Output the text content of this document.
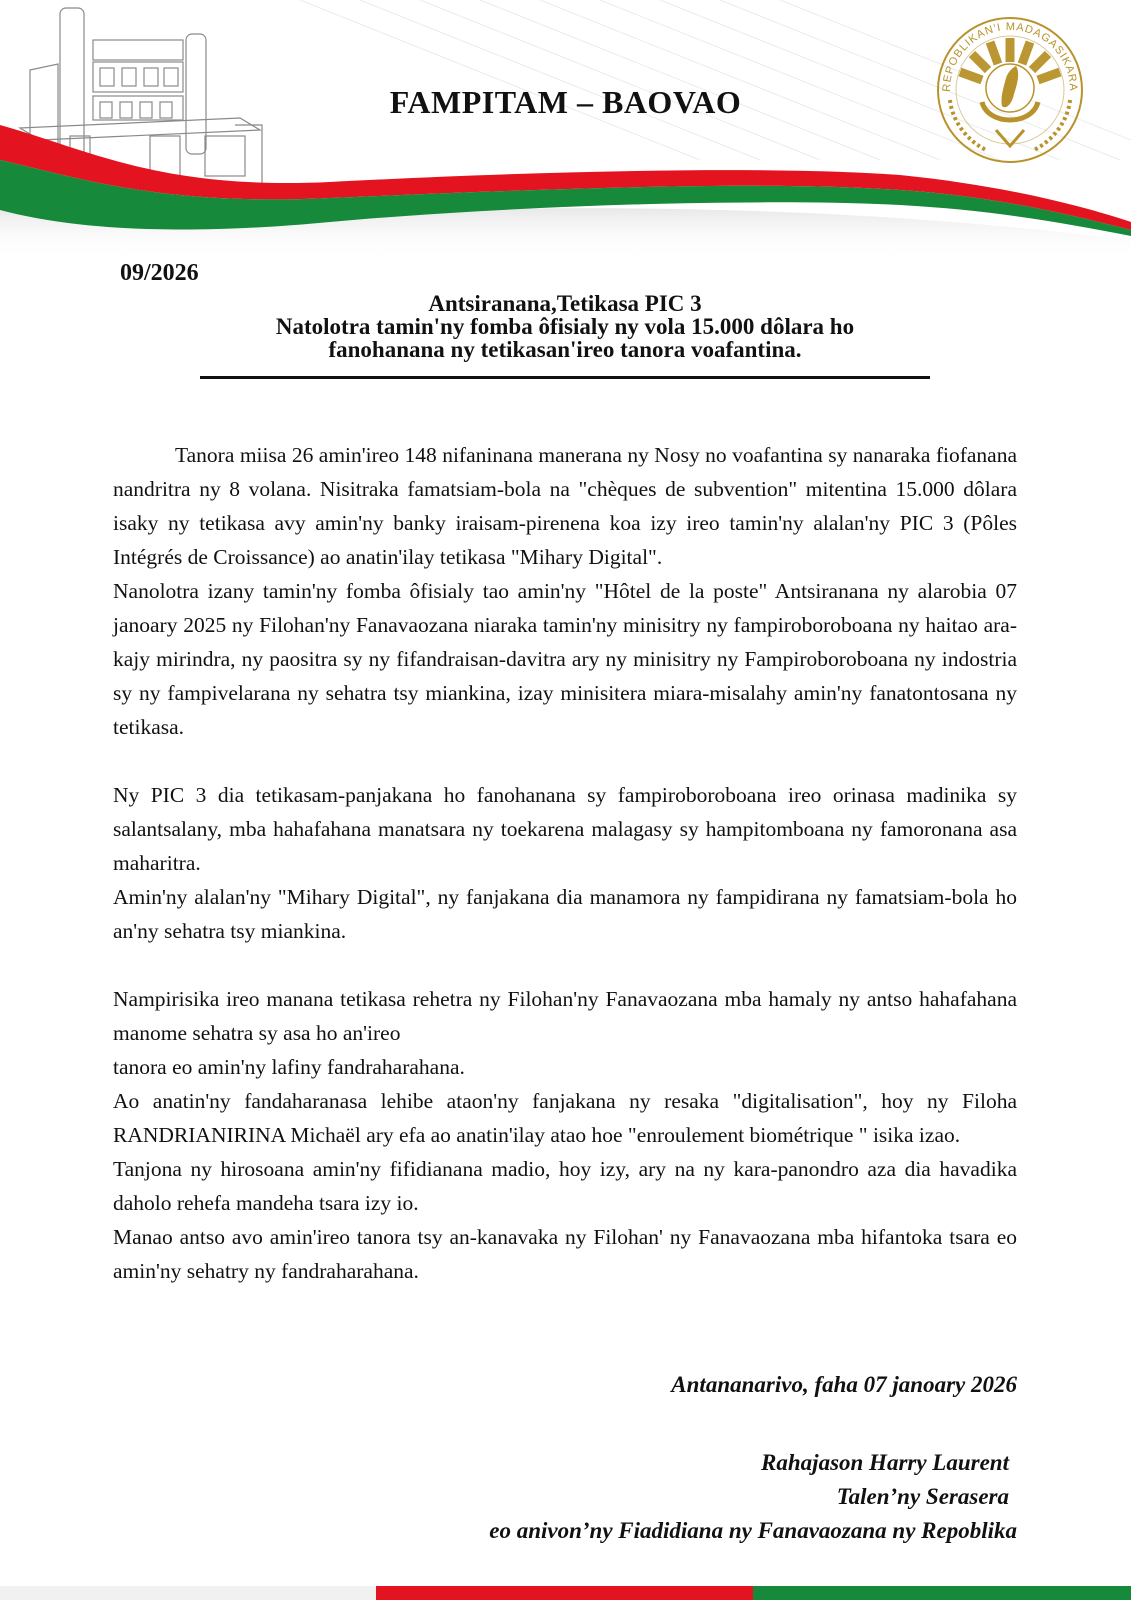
REPOBLIKAN'I MADAGASIKARA
FAMPITAM – BAOVAO
09/2026
Antsiranana,Tetikasa PIC 3
Natolotra tamin'ny fomba ôfisialy ny vola 15.000 dôlara ho
fanohanana ny tetikasan'ireo tanora voafantina.

Tanora miisa 26 amin'ireo 148 nifaninana manerana ny Nosy no voafantina sy nanaraka fiofanana nandritra ny 8 volana. Nisitraka famatsiam-bola na "chèques de subvention" mitentina 15.000 dôlara isaky ny tetikasa avy amin'ny banky iraisam-pirenena koa izy ireo tamin'ny alalan'ny PIC 3 (Pôles Intégrés de Croissance) ao anatin'ilay tetikasa "Mihary Digital".

Nanolotra izany tamin'ny fomba ôfisialy tao amin'ny "Hôtel de la poste" Antsiranana ny alarobia 07 janoary 2025 ny Filohan'ny Fanavaozana niaraka tamin'ny minisitry ny fampiroboroboana ny haitao ara-kajy mirindra, ny paositra sy ny fifandraisan-davitra ary ny minisitry ny Fampiroboroboana ny indostria sy ny fampivelarana ny sehatra tsy miankina, izay minisitera miara-misalahy amin'ny fanatontosana ny tetikasa.

Ny PIC 3 dia tetikasam-panjakana ho fanohanana sy fampiroboroboana ireo orinasa madinika sy salantsalany, mba hahafahana manatsara ny toekarena malagasy sy hampitomboana ny famoronana asa maharitra.

Amin'ny alalan'ny "Mihary Digital", ny fanjakana dia manamora ny fampidirana ny famatsiam-bola ho an'ny sehatra tsy miankina.

Nampirisika ireo manana tetikasa rehetra ny Filohan'ny Fanavaozana mba hamaly ny antso hahafahana manome sehatra sy asa ho an'ireo

tanora eo amin'ny lafiny fandraharahana.

Ao anatin'ny fandaharanasa lehibe ataon'ny fanjakana ny resaka "digitalisation", hoy ny Filoha RANDRIANIRINA Michaël ary efa ao anatin'ilay atao hoe "enroulement biométrique " isika izao.

Tanjona ny hirosoana amin'ny fifidianana madio, hoy izy, ary na ny kara-panondro aza dia havadika daholo rehefa mandeha tsara izy io.

Manao antso avo amin'ireo tanora tsy an-kanavaka ny Filohan' ny Fanavaozana mba hifantoka tsara eo amin'ny sehatry ny fandraharahana.

Antananarivo, faha 07 janoary 2026
Rahajason Harry Laurent
Talen’ny Serasera
eo anivon’ny Fiadidiana ny Fanavaozana ny Repoblika
